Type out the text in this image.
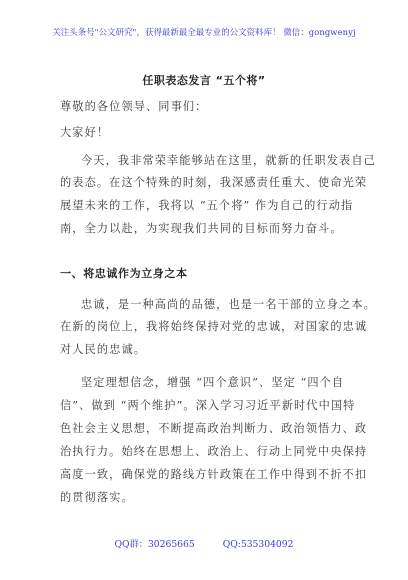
关注头条号"公文研究"，获得最新最全最专业的公文资料库！ 微信：gongwenyj
任职表态发言 “五个将”
尊敬的各位领导、同事们：
大家好！
今天，我非常荣幸能够站在这里，就新的任职发表自己
的表态。在这个特殊的时刻，我深感责任重大、使命光荣
展望未来的工作，我将以 “五个将” 作为自己的行动指
南，全力以赴，为实现我们共同的目标而努力奋斗。
一、将忠诚作为立身之本
忠诚，是一种高尚的品德，也是一名干部的立身之本。
在新的岗位上，我将始终保持对党的忠诚，对国家的忠诚
对人民的忠诚。
坚定理想信念，增强 “四个意识”、坚定 “四个自
信”、做到 “两个维护”。深入学习习近平新时代中国特
色社会主义思想，不断提高政治判断力、政治领悟力、政
治执行力。始终在思想上、政治上、行动上同党中央保持
高度一致，确保党的路线方针政策在工作中得到不折不扣
的贯彻落实。
QQ群：30265665	QQ:535304092
